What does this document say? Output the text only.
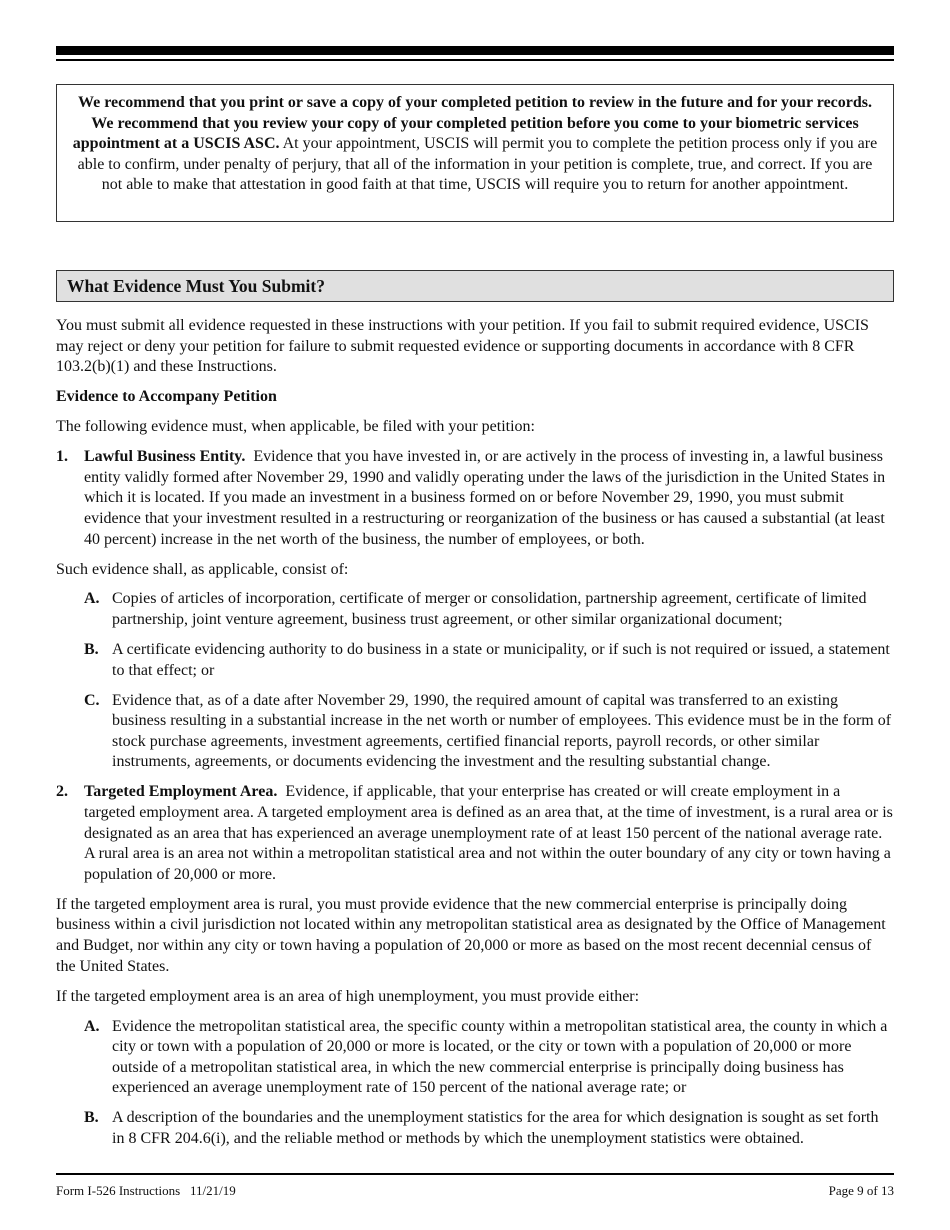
We recommend that you print or save a copy of your completed petition to review in the future and for your records. We recommend that you review your copy of your completed petition before you come to your biometric services appointment at a USCIS ASC. At your appointment, USCIS will permit you to complete the petition process only if you are able to confirm, under penalty of perjury, that all of the information in your petition is complete, true, and correct. If you are not able to make that attestation in good faith at that time, USCIS will require you to return for another appointment.
What Evidence Must You Submit?

You must submit all evidence requested in these instructions with your petition. If you fail to submit required evidence, USCIS may reject or deny your petition for failure to submit requested evidence or supporting documents in accordance with 8 CFR 103.2(b)(1) and these Instructions.

Evidence to Accompany Petition

The following evidence must, when applicable, be filed with your petition:

1. Lawful Business Entity. Evidence that you have invested in, or are actively in the process of investing in, a lawful business entity validly formed after November 29, 1990 and validly operating under the laws of the jurisdiction in the United States in which it is located. If you made an investment in a business formed on or before November 29, 1990, you must submit evidence that your investment resulted in a restructuring or reorganization of the business or has caused a substantial (at least 40 percent) increase in the net worth of the business, the number of employees, or both.

Such evidence shall, as applicable, consist of:

A. Copies of articles of incorporation, certificate of merger or consolidation, partnership agreement, certificate of limited partnership, joint venture agreement, business trust agreement, or other similar organizational document;
B. A certificate evidencing authority to do business in a state or municipality, or if such is not required or issued, a statement to that effect; or
C. Evidence that, as of a date after November 29, 1990, the required amount of capital was transferred to an existing business resulting in a substantial increase in the net worth or number of employees. This evidence must be in the form of stock purchase agreements, investment agreements, certified financial reports, payroll records, or other similar instruments, agreements, or documents evidencing the investment and the resulting substantial change.
2. Targeted Employment Area. Evidence, if applicable, that your enterprise has created or will create employment in a targeted employment area. A targeted employment area is defined as an area that, at the time of investment, is a rural area or is designated as an area that has experienced an average unemployment rate of at least 150 percent of the national average rate. A rural area is an area not within a metropolitan statistical area and not within the outer boundary of any city or town having a population of 20,000 or more.

If the targeted employment area is rural, you must provide evidence that the new commercial enterprise is principally doing business within a civil jurisdiction not located within any metropolitan statistical area as designated by the Office of Management and Budget, nor within any city or town having a population of 20,000 or more as based on the most recent decennial census of the United States.

If the targeted employment area is an area of high unemployment, you must provide either:

A. Evidence the metropolitan statistical area, the specific county within a metropolitan statistical area, the county in which a city or town with a population of 20,000 or more is located, or the city or town with a population of 20,000 or more outside of a metropolitan statistical area, in which the new commercial enterprise is principally doing business has experienced an average unemployment rate of 150 percent of the national average rate; or
B. A description of the boundaries and the unemployment statistics for the area for which designation is sought as set forth in 8 CFR 204.6(i), and the reliable method or methods by which the unemployment statistics were obtained.
Form I-526 Instructions   11/21/19	Page 9 of 13
